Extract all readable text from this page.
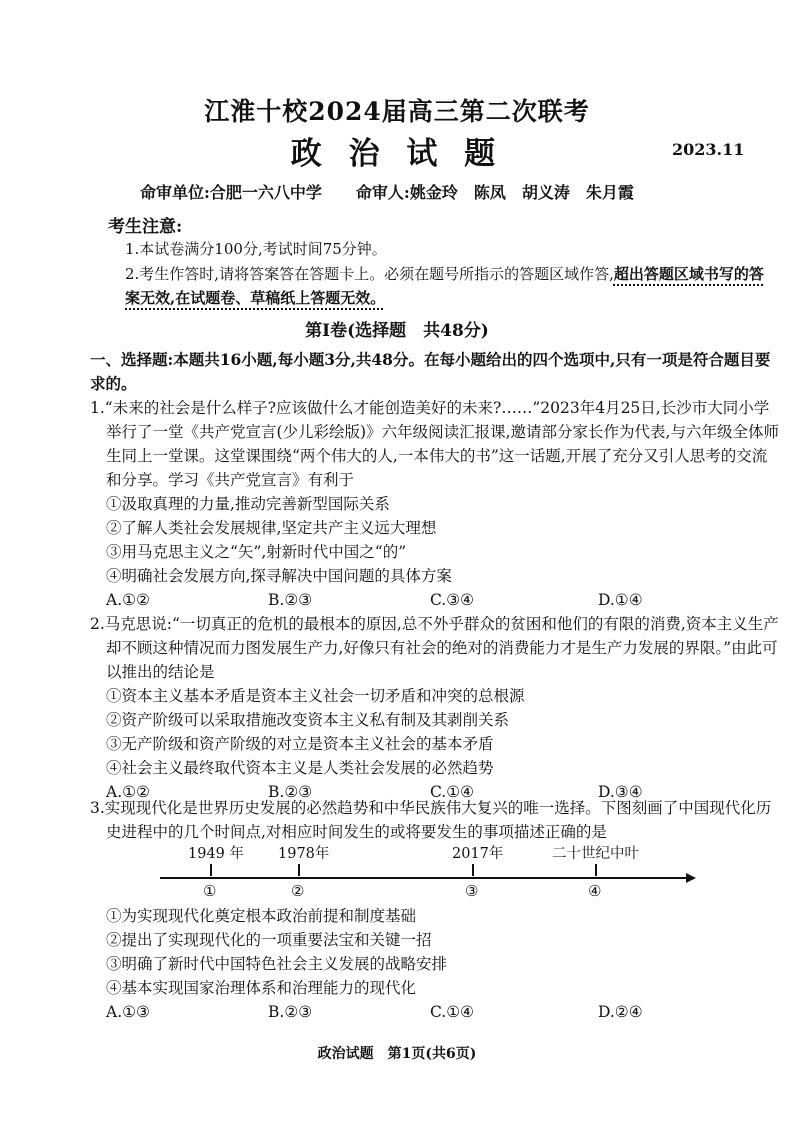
江淮十校2024届高三第二次联考
政 治 试 题	2023.11
命审单位:合肥一六八中学 命审人:姚金玲　陈凤　胡义涛　朱月霞
考生注意:
1.本试卷满分100分,考试时间75分钟。
2.考生作答时,请将答案答在答题卡上。必须在题号所指示的答题区域作答,超出答题区域书写的答案无效,在试题卷、草稿纸上答题无效。
第Ⅰ卷(选择题　共48分)
一、选择题:本题共16小题,每小题3分,共48分。在每小题给出的四个选项中,只有一项是符合题目要求的。

1.“未来的社会是什么样子?应该做什么才能创造美好的未来?……”2023年4月25日,长沙市大同小学举行了一堂《共产党宣言(少儿彩绘版)》六年级阅读汇报课,邀请部分家长作为代表,与六年级全体师生同上一堂课。这堂课围绕“两个伟大的人,一本伟大的书”这一话题,开展了充分又引人思考的交流和分享。学习《共产党宣言》有利于

①汲取真理的力量,推动完善新型国际关系

②了解人类社会发展规律,坚定共产主义远大理想

③用马克思主义之“矢”,射新时代中国之“的”

④明确社会发展方向,探寻解决中国问题的具体方案

A.①②	B.②③	C.③④	D.①④

2.马克思说:“一切真正的危机的最根本的原因,总不外乎群众的贫困和他们的有限的消费,资本主义生产却不顾这种情况而力图发展生产力,好像只有社会的绝对的消费能力才是生产力发展的界限。”由此可以推出的结论是

①资本主义基本矛盾是资本主义社会一切矛盾和冲突的总根源

②资产阶级可以采取措施改变资本主义私有制及其剥削关系

③无产阶级和资产阶级的对立是资本主义社会的基本矛盾

④社会主义最终取代资本主义是人类社会发展的必然趋势

A.①②	B.②③	C.①④	D.③④

3.实现现代化是世界历史发展的必然趋势和中华民族伟大复兴的唯一选择。下图刻画了中国现代化历史进程中的几个时间点,对相应时间发生的或将要发生的事项描述正确的是

1949 年
①
1978年
②
2017年
③
二十世纪中叶
④

①为实现现代化奠定根本政治前提和制度基础

②提出了实现现代化的一项重要法宝和关键一招

③明确了新时代中国特色社会主义发展的战略安排

④基本实现国家治理体系和治理能力的现代化

A.①③	B.②③	C.①④	D.②④
政治试题　第1页(共6页)
